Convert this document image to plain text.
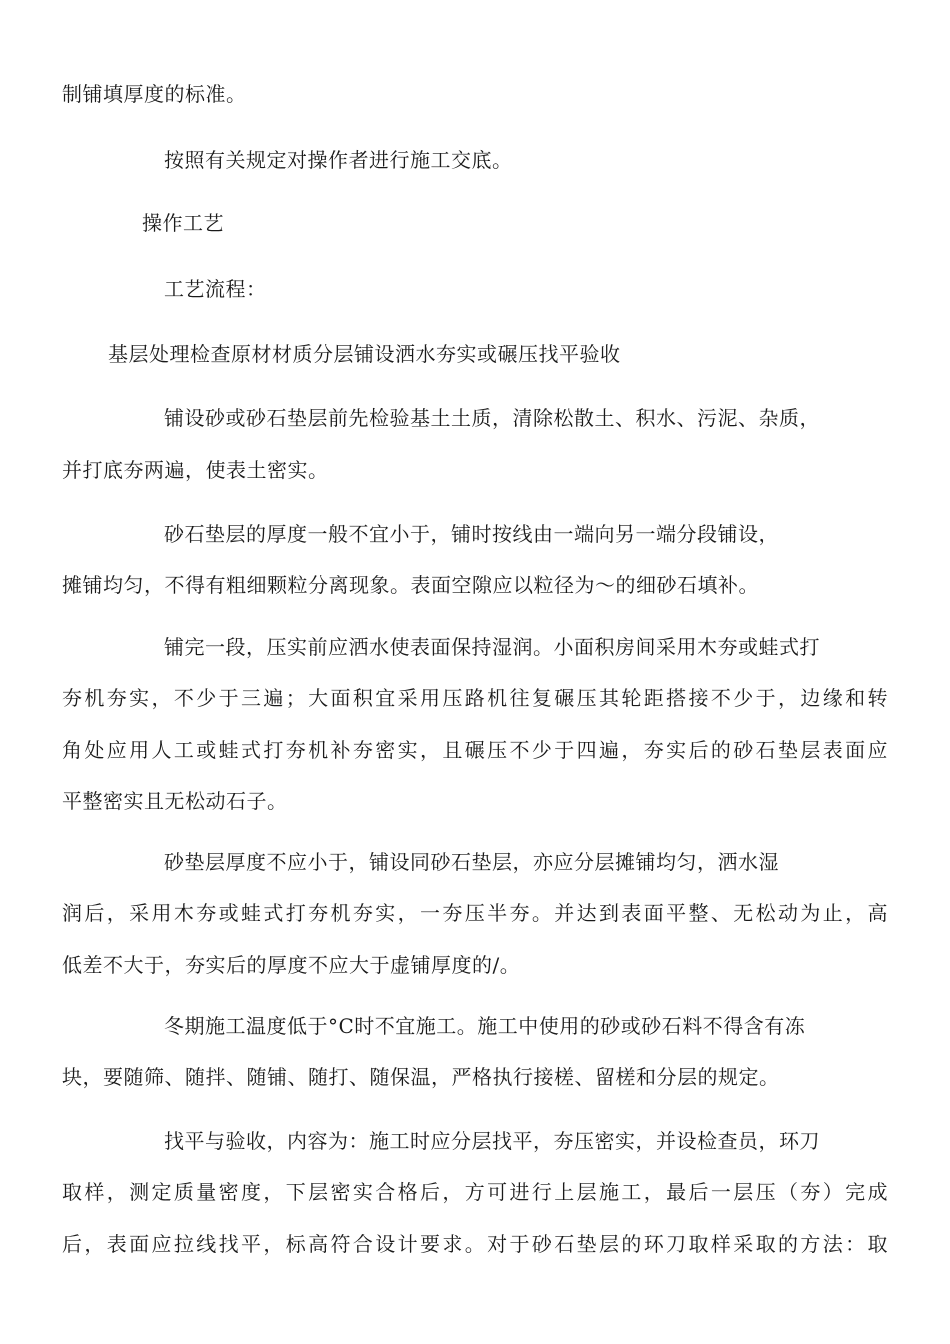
制铺填厚度的标准。
按照有关规定对操作者进行施工交底。
操作工艺
工艺流程：
基层处理检查原材材质分层铺设洒水夯实或碾压找平验收
铺设砂或砂石垫层前先检验基土土质，清除松散土、积水、污泥、杂质，
并打底夯两遍，使表土密实。
砂石垫层的厚度一般不宜小于，铺时按线由一端向另一端分段铺设，
摊铺均匀，不得有粗细颗粒分离现象。表面空隙应以粒径为〜的细砂石填补。
铺完一段，压实前应洒水使表面保持湿润。小面积房间采用木夯或蛙式打
夯机夯实，不少于三遍；大面积宜采用压路机往复碾压其轮距搭接不少于，边缘和转
角处应用人工或蛙式打夯机补夯密实，且碾压不少于四遍，夯实后的砂石垫层表面应
平整密实且无松动石子。
砂垫层厚度不应小于，铺设同砂石垫层，亦应分层摊铺均匀，洒水湿
润后，采用木夯或蛙式打夯机夯实，一夯压半夯。并达到表面平整、无松动为止，高
低差不大于，夯实后的厚度不应大于虚铺厚度的/。
冬期施工温度低于°C时不宜施工。施工中使用的砂或砂石料不得含有冻
块，要随筛、随拌、随铺、随打、随保温，严格执行接槎、留槎和分层的规定。
找平与验收，内容为：施工时应分层找平，夯压密实，并设检查员，环刀
取样，测定质量密度，下层密实合格后，方可进行上层施工，最后一层压（夯）完成
后，表面应拉线找平，标高符合设计要求。对于砂石垫层的环刀取样采取的方法：取
